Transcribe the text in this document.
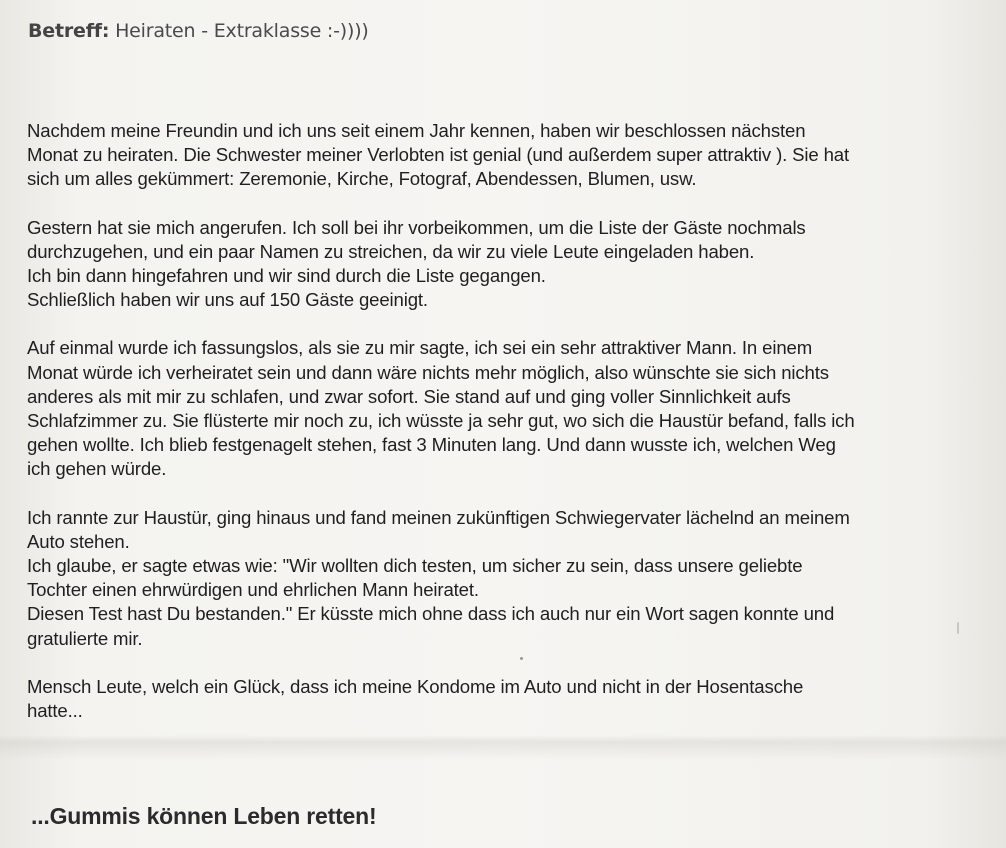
Betreff: Heiraten - Extraklasse :-))))
Nachdem meine Freundin und ich uns seit einem Jahr kennen, haben wir beschlossen nächsten
Monat zu heiraten. Die Schwester meiner Verlobten ist genial (und außerdem super attraktiv ). Sie hat
sich um alles gekümmert: Zeremonie, Kirche, Fotograf, Abendessen, Blumen, usw.
Gestern hat sie mich angerufen. Ich soll bei ihr vorbeikommen, um die Liste der Gäste nochmals
durchzugehen, und ein paar Namen zu streichen, da wir zu viele Leute eingeladen haben.
Ich bin dann hingefahren und wir sind durch die Liste gegangen.
Schließlich haben wir uns auf 150 Gäste geeinigt.
Auf einmal wurde ich fassungslos, als sie zu mir sagte, ich sei ein sehr attraktiver Mann. In einem
Monat würde ich verheiratet sein und dann wäre nichts mehr möglich, also wünschte sie sich nichts
anderes als mit mir zu schlafen, und zwar sofort. Sie stand auf und ging voller Sinnlichkeit aufs
Schlafzimmer zu. Sie flüsterte mir noch zu, ich wüsste ja sehr gut, wo sich die Haustür befand, falls ich
gehen wollte. Ich blieb festgenagelt stehen, fast 3 Minuten lang. Und dann wusste ich, welchen Weg
ich gehen würde.
Ich rannte zur Haustür, ging hinaus und fand meinen zukünftigen Schwiegervater lächelnd an meinem
Auto stehen.
Ich glaube, er sagte etwas wie: "Wir wollten dich testen, um sicher zu sein, dass unsere geliebte
Tochter einen ehrwürdigen und ehrlichen Mann heiratet.
Diesen Test hast Du bestanden." Er küsste mich ohne dass ich auch nur ein Wort sagen konnte und
gratulierte mir.
Mensch Leute, welch ein Glück, dass ich meine Kondome im Auto und nicht in der Hosentasche
hatte...
...Gummis können Leben retten!
